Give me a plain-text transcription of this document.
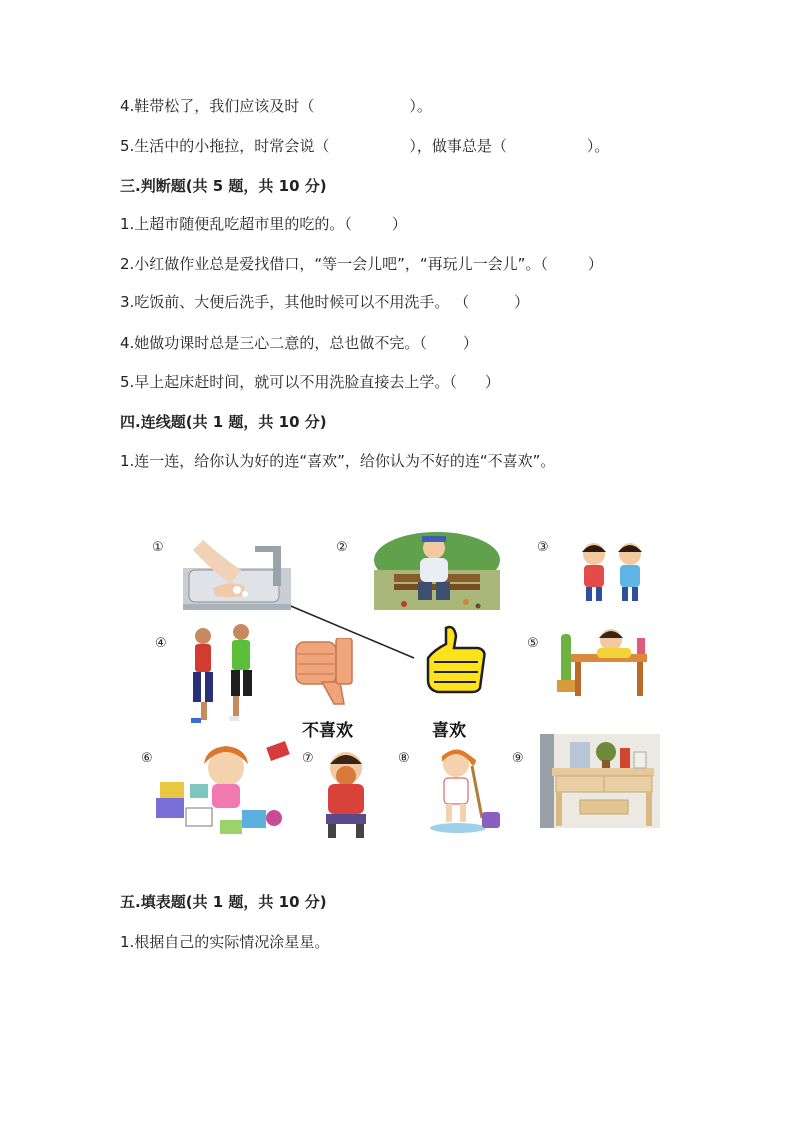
4.鞋带松了，我们应该及时（	）。
5.生活中的小拖拉，时常会说（	），做事总是（	）。
三.判断题(共 5 题，共 10 分)
1.上超市随便乱吃超市里的吃的。（	）
2.小红做作业总是爱找借口，“等一会儿吧”，“再玩儿一会儿”。（	）
3.吃饭前、大便后洗手，其他时候可以不用洗手。 （	）
4.她做功课时总是三心二意的，总也做不完。（ ）
5.早上起床赶时间，就可以不用洗脸直接去上学。（ ）
四.连线题(共 1 题，共 10 分)
1.连一连，给你认为好的连“喜欢”，给你认为不好的连“不喜欢”。
①	②	③
④	⑤
⑥	⑦	⑧	⑨
不喜欢	喜欢
五.填表题(共 1 题，共 10 分)
1.根据自己的实际情况涂星星。
